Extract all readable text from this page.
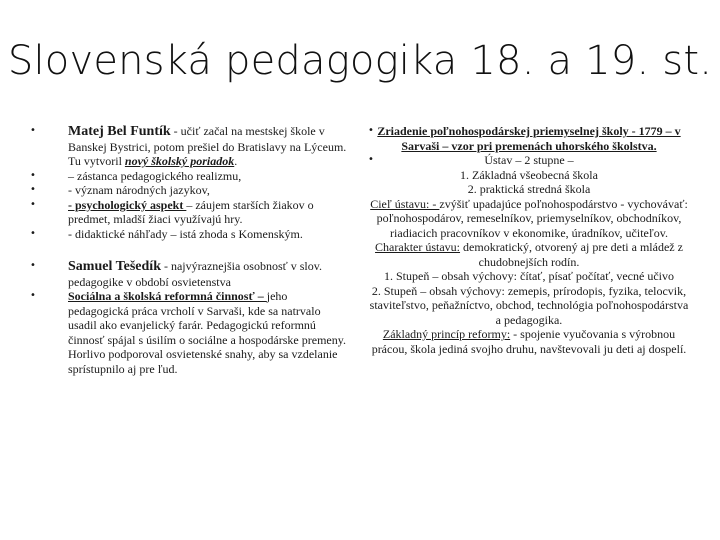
Slovenská pedagogika 18. a 19. st.
•	Matej Bel Funtík - učiť začal na mestskej škole v Banskej Bystrici, potom prešiel do Bratislavy na Lýceum. Tu vytvoril nový školský poriadok.
•	– zástanca pedagogického realizmu,
•	- význam národných jazykov,
•	- psychologický aspekt – záujem starších žiakov o predmet, mladší žiaci využívajú hry.
•	- didaktické náhľady – istá zhoda s Komenským.
•	Samuel Tešedík - najvýraznejšia osobnosť v slov. pedagogike v období osvietenstva
•	Sociálna a školská reformná činnosť – jeho pedagogická práca vrcholí v Sarvaši, kde sa natrvalo usadil ako evanjelický farár. Pedagogickú reformnú činnosť spájal s úsilím o sociálne a hospodárske premeny. Horlivo podporoval osvietenské snahy, aby sa vzdelanie sprístupnilo aj pre ľud.
• Zriadenie poľnohospodárskej priemyselnej školy - 1779 – v Sarvaši – vzor pri premenách uhorského školstva.
•	Ústav – 2 stupne –
1. Základná všeobecná škola
2. praktická stredná škola
Cieľ ústavu: - zvýšiť upadajúce poľnohospodárstvo - vychovávať: poľnohospodárov, remeselníkov, priemyselníkov, obchodníkov, riadiacich pracovníkov v ekonomike, úradníkov, učiteľov.
Charakter ústavu: demokratický, otvorený aj pre deti a mládež z chudobnejších rodín.
1. Stupeň – obsah výchovy: čítať, písať počítať, vecné učivo
2. Stupeň – obsah výchovy: zemepis, prírodopis, fyzika, telocvik, staviteľstvo, peňažníctvo, obchod, technológia poľnohospodárstva a pedagogika.
Základný princíp reformy: - spojenie vyučovania s výrobnou prácou, škola jediná svojho druhu, navštevovali ju deti aj dospelí.
